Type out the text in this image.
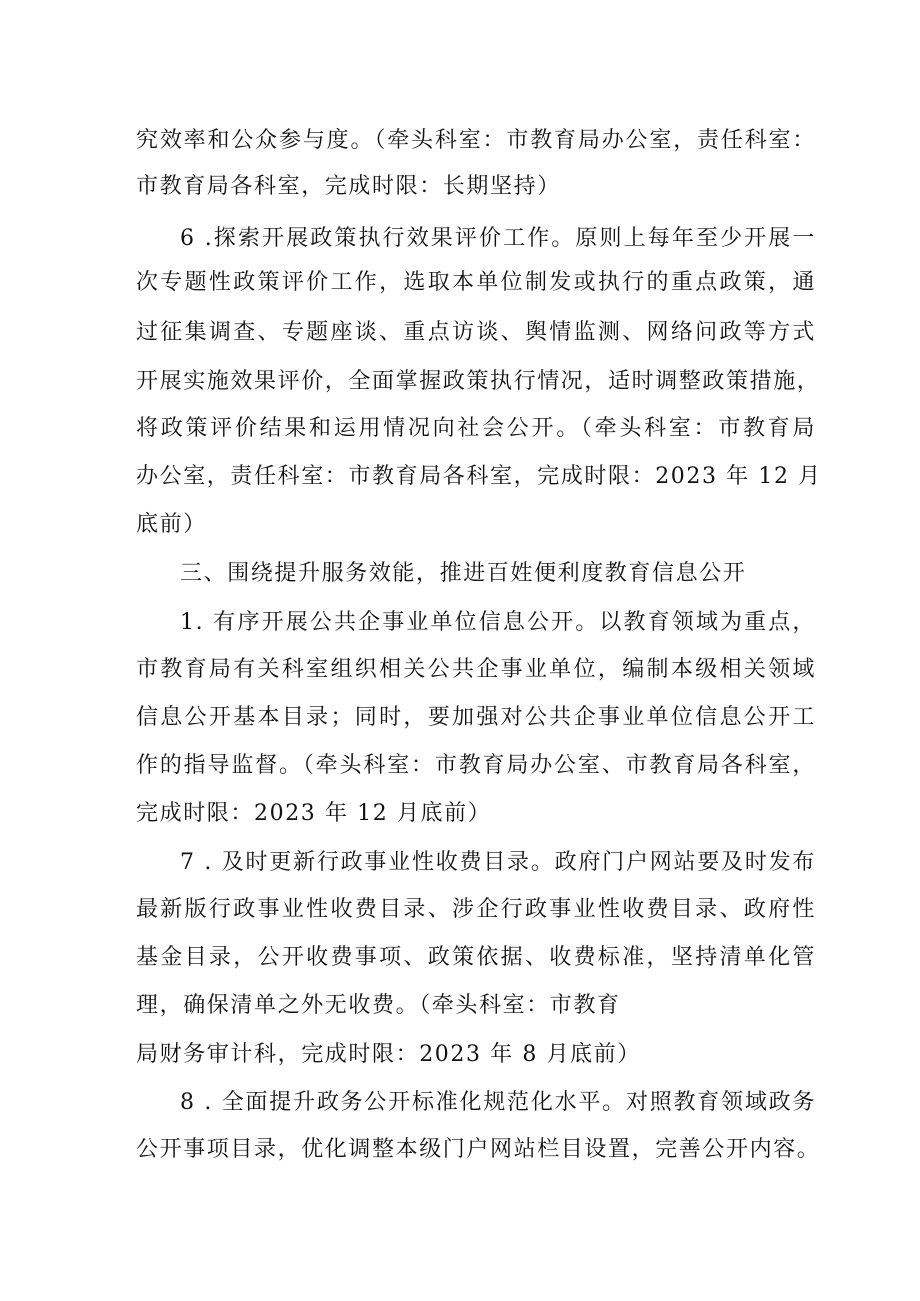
究效率和公众参与度。（牵头科室：市教育局办公室，责任科室：
市教育局各科室，完成时限：长期坚持）
6 .探索开展政策执行效果评价工作。原则上每年至少开展一
次专题性政策评价工作，选取本单位制发或执行的重点政策，通
过征集调查、专题座谈、重点访谈、舆情监测、网络问政等方式
开展实施效果评价，全面掌握政策执行情况，适时调整政策措施，
将政策评价结果和运用情况向社会公开。（牵头科室：市教育局
办公室，责任科室：市教育局各科室，完成时限：2023 年 12 月
底前）
三、围绕提升服务效能，推进百姓便利度教育信息公开
1. 有序开展公共企事业单位信息公开。以教育领域为重点，
市教育局有关科室组织相关公共企事业单位，编制本级相关领域
信息公开基本目录；同时，要加强对公共企事业单位信息公开工
作的指导监督。（牵头科室：市教育局办公室、市教育局各科室，
完成时限：2023 年 12 月底前）
7 . 及时更新行政事业性收费目录。政府门户网站要及时发布
最新版行政事业性收费目录、涉企行政事业性收费目录、政府性
基金目录，公开收费事项、政策依据、收费标准，坚持清单化管
理，确保清单之外无收费。（牵头科室：市教育
局财务审计科，完成时限：2023 年 8 月底前）
8 . 全面提升政务公开标准化规范化水平。对照教育领域政务
公开事项目录，优化调整本级门户网站栏目设置，完善公开内容。
